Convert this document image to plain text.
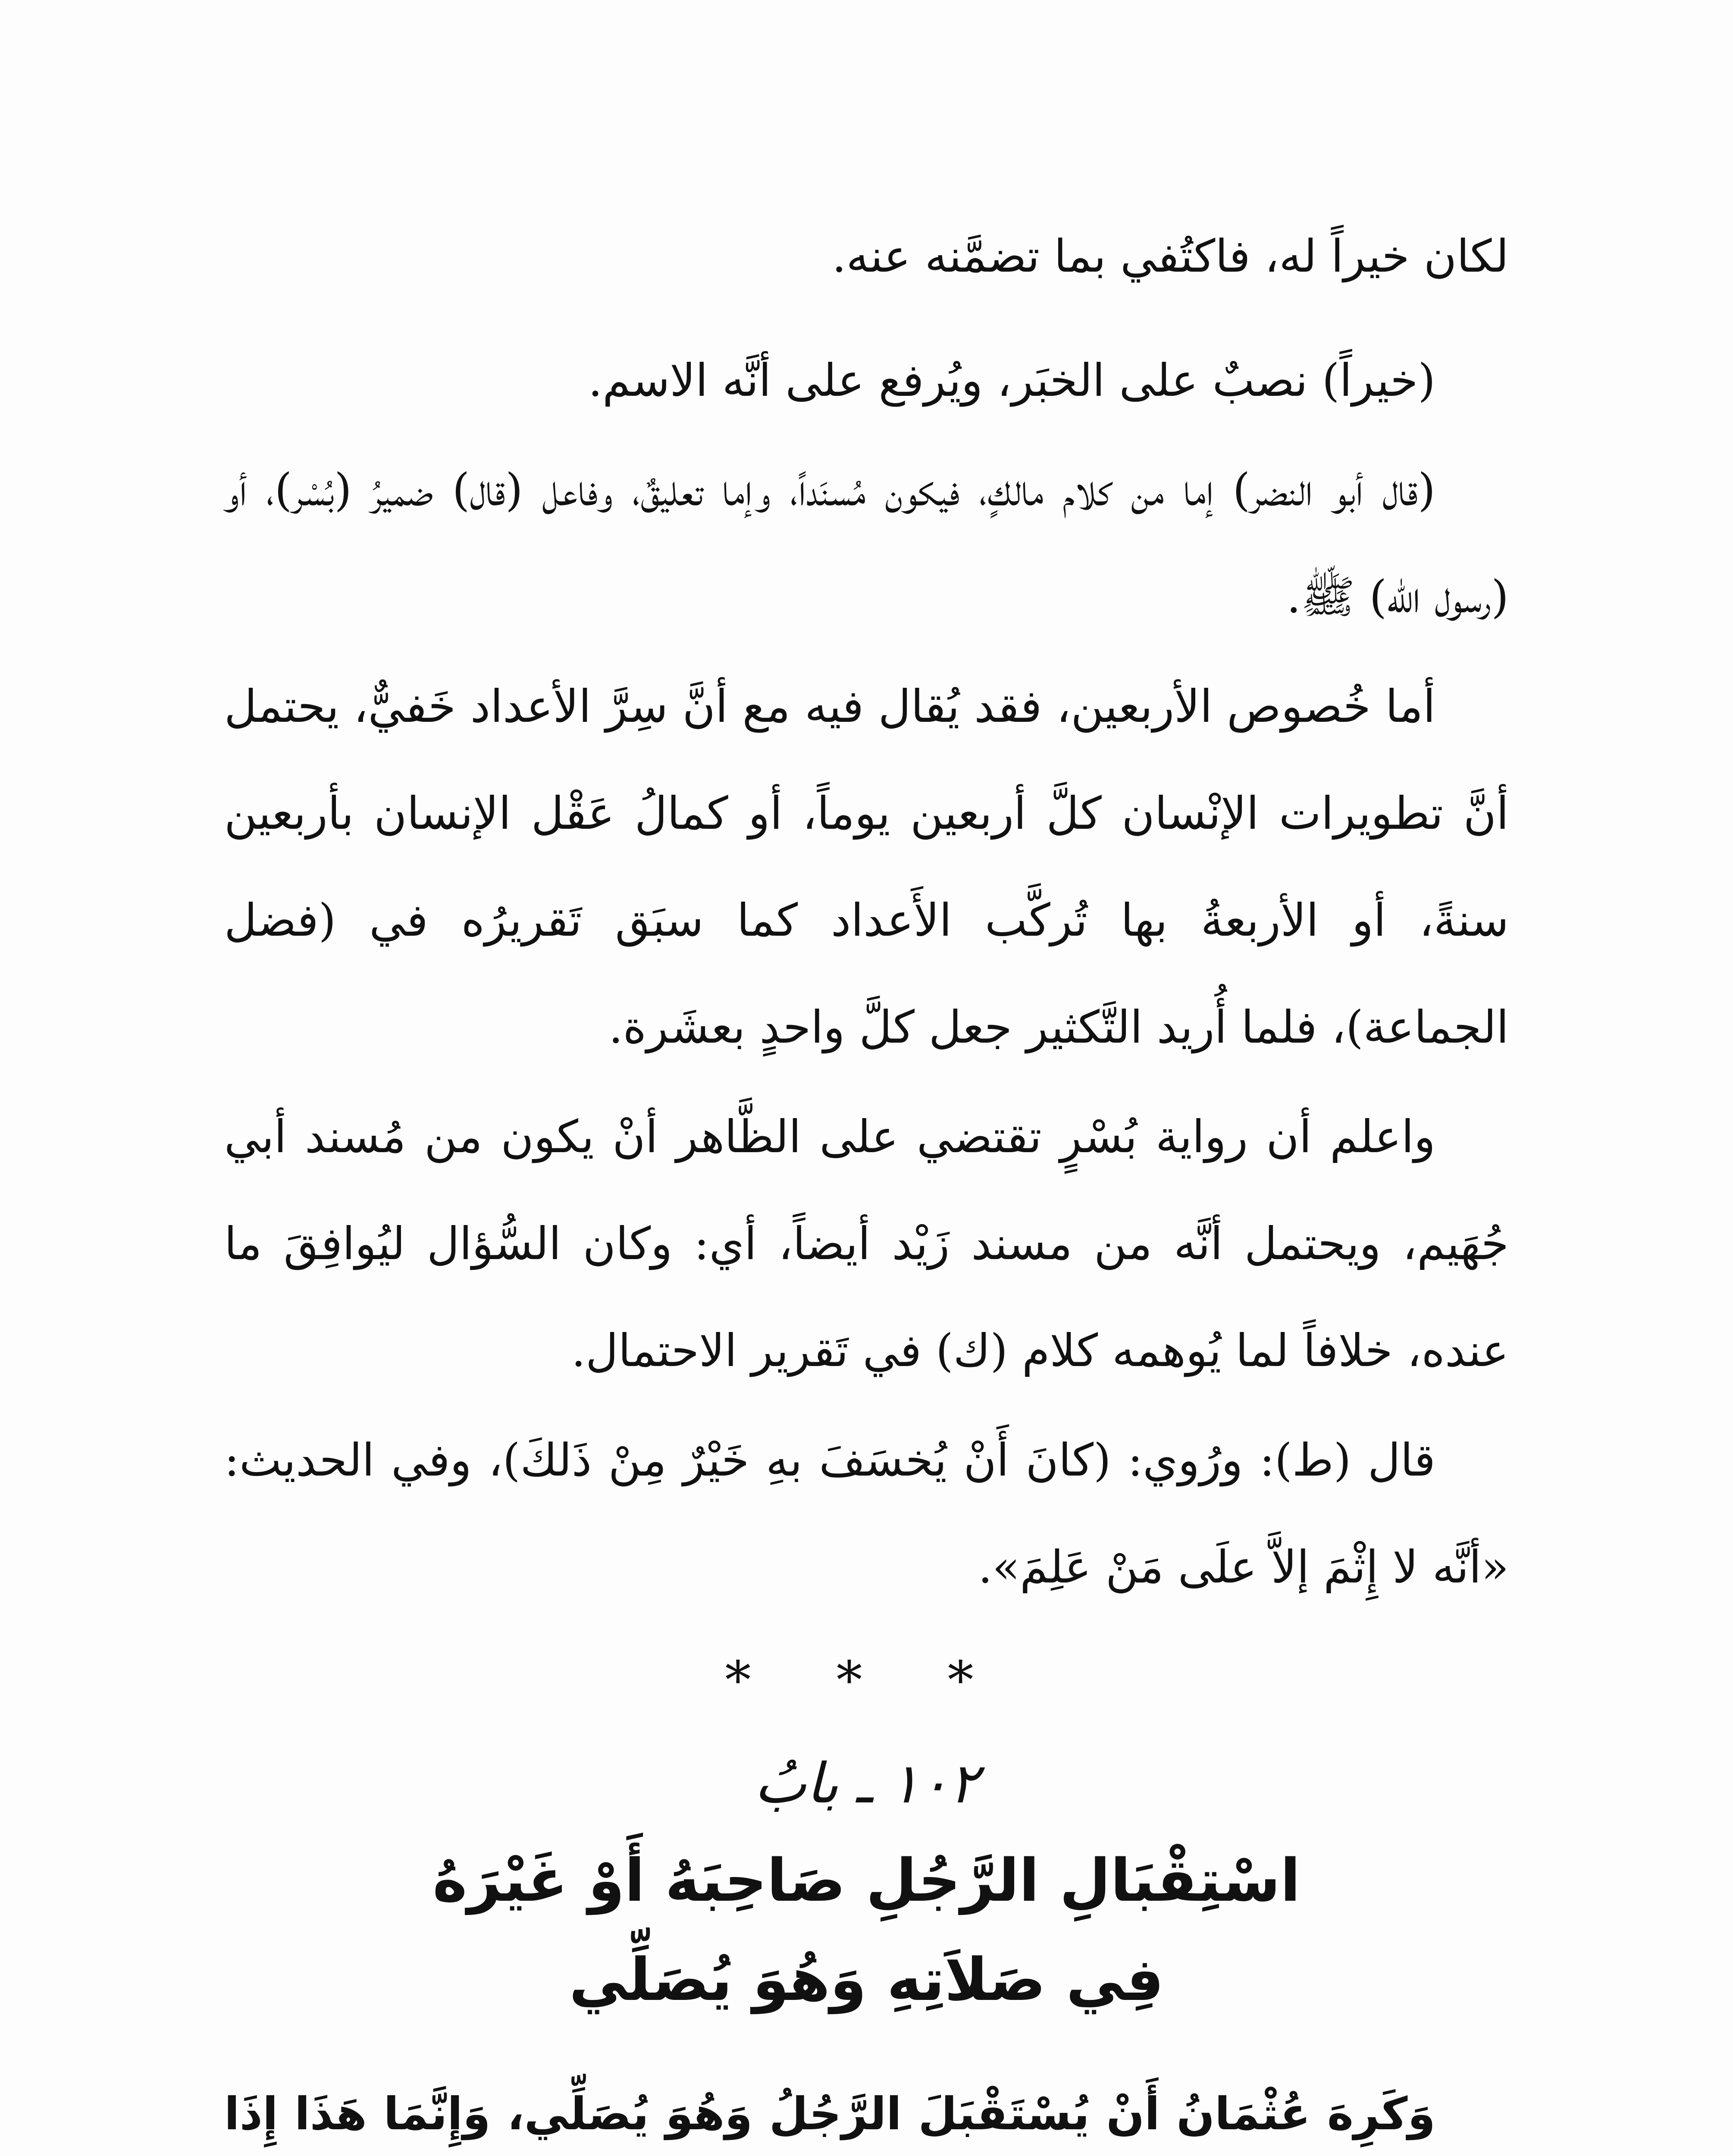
لكان خيراً له، فاكتُفي بما تضمَّنه عنه.

(خيراً) نصبٌ على الخبَر، ويُرفع على أنَّه الاسم.

(قال أبو النضر) إما من كلام مالكٍ، فيكون مُسنَداً، وإما تعليقٌ، وفاعل (قال) ضميرُ (بُسْر)، أو (رسول الله) ﷺ.

أما خُصوص الأربعين، فقد يُقال فيه مع أنَّ سِرَّ الأعداد خَفيٌّ، يحتمل أنَّ تطويرات الإنْسان كلَّ أربعين يوماً، أو كمالُ عَقْل الإنسان بأربعين سنةً، أو الأربعةُ بها تُركَّب الأَعداد كما سبَق تَقريرُه في (فضل الجماعة)، فلما أُريد التَّكثير جعل كلَّ واحدٍ بعشَرة.

واعلم أن رواية بُسْرٍ تقتضي على الظَّاهر أنْ يكون من مُسند أبي جُهَيم، ويحتمل أنَّه من مسند زَيْد أيضاً، أي: وكان السُّؤال ليُوافِقَ ما عنده، خلافاً لما يُوهمه كلام (ك) في تَقرير الاحتمال.

قال (ط): ورُوي: (كانَ أَنْ يُخسَفَ بهِ خَيْرٌ مِنْ ذَلكَ)، وفي الحديث: «أنَّه لا إِثْمَ إلاَّ علَى مَنْ عَلِمَ».

* * *

١٠٢ ـ بابُ

اسْتِقْبَالِ الرَّجُلِ صَاحِبَهُ أَوْ غَيْرَهُ

فِي صَلاَتِهِ وَهُوَ يُصَلِّي

وَكَرِهَ عُثْمَانُ أَنْ يُسْتَقْبَلَ الرَّجُلُ وَهُوَ يُصَلِّي، وَإِنَّمَا هَذَا إِذَا
